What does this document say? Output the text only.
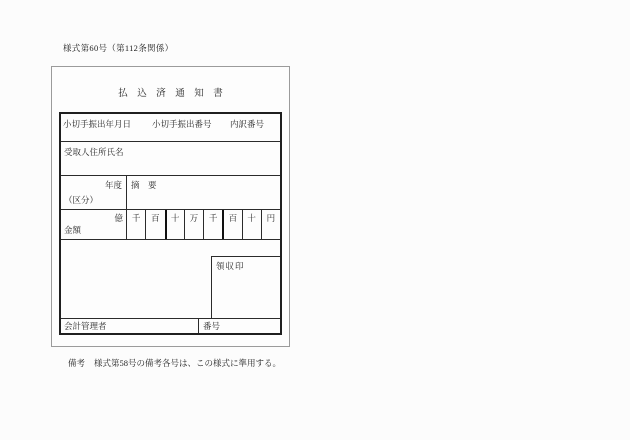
様式第60号（第112条関係）
払込済通知書
小切手振出年月日 小切手振出番号 内訳番号
受取人住所氏名
年度
（区分）
摘　要
億
金額
千 百 十 万 千 百 十 円
領収印
会計管理者	番号
備考 様式第58号の備考各号は、この様式に準用する。
